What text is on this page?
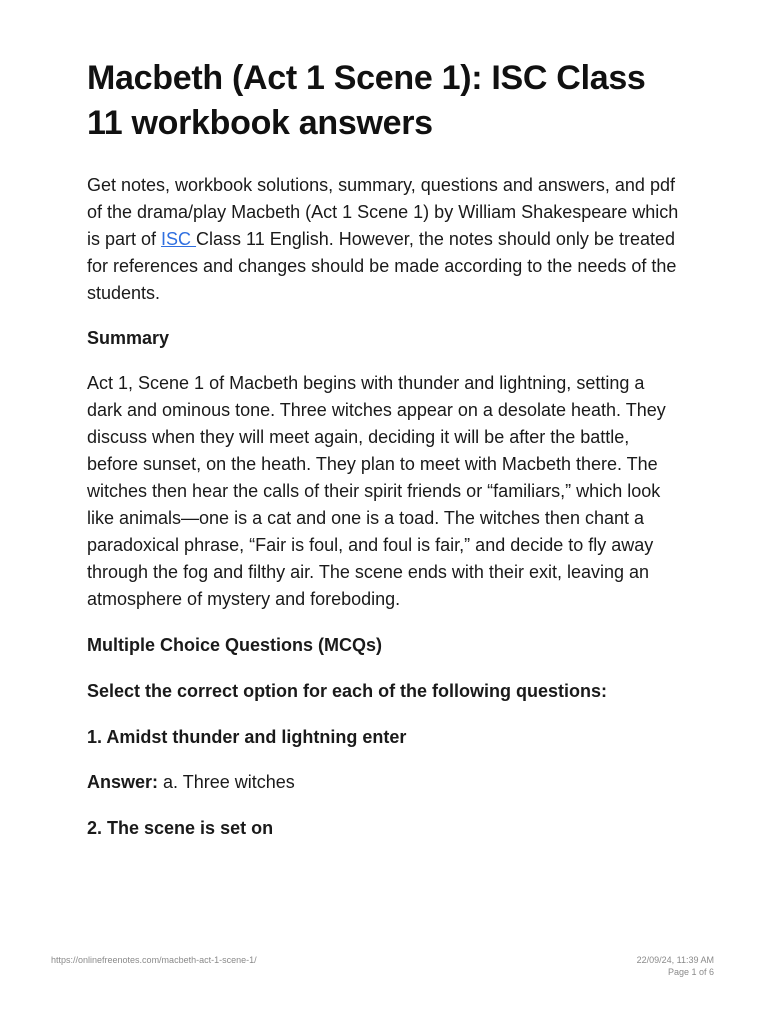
Macbeth (Act 1 Scene 1): ISC Class 11 workbook answers

Get notes, workbook solutions, summary, questions and answers, and pdf of the drama/play Macbeth (Act 1 Scene 1) by William Shakespeare which is part of ISC Class 11 English. However, the notes should only be treated for references and changes should be made according to the needs of the students.

Summary

Act 1, Scene 1 of Macbeth begins with thunder and lightning, setting a dark and ominous tone. Three witches appear on a desolate heath. They discuss when they will meet again, deciding it will be after the battle, before sunset, on the heath. They plan to meet with Macbeth there. The witches then hear the calls of their spirit friends or “familiars,” which look like animals—one is a cat and one is a toad. The witches then chant a paradoxical phrase, “Fair is foul, and foul is fair,” and decide to fly away through the fog and filthy air. The scene ends with their exit, leaving an atmosphere of mystery and foreboding.

Multiple Choice Questions (MCQs)

Select the correct option for each of the following questions:

1. Amidst thunder and lightning enter

Answer: a. Three witches

2. The scene is set on

https://onlinefreenotes.com/macbeth-act-1-scene-1/	22/09/24, 11:39 AM
Page 1 of 6
